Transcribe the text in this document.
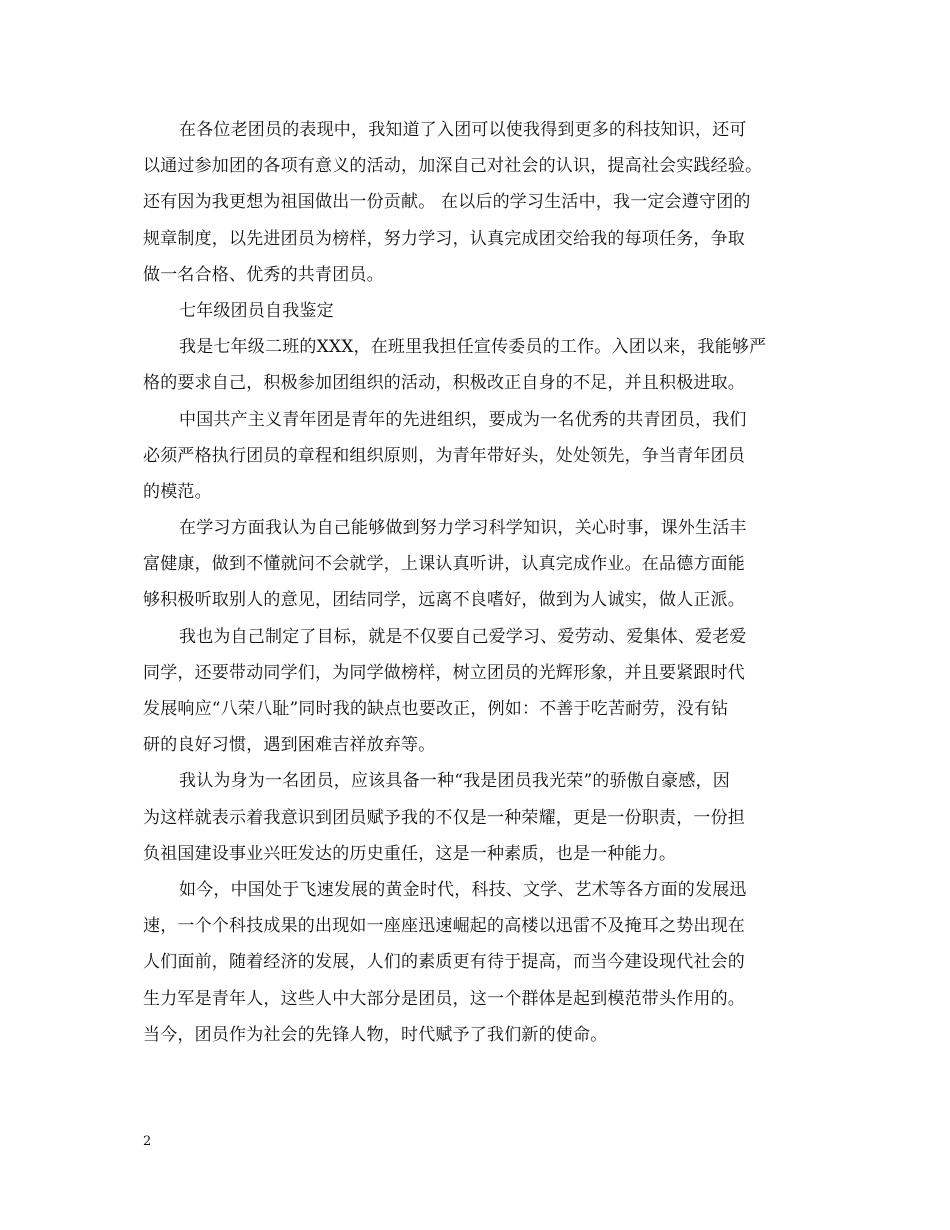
在各位老团员的表现中，我知道了入团可以使我得到更多的科技知识，还可
以通过参加团的各项有意义的活动，加深自己对社会的认识，提高社会实践经验。
还有因为我更想为祖国做出一份贡献。 在以后的学习生活中，我一定会遵守团的
规章制度，以先进团员为榜样，努力学习，认真完成团交给我的每项任务，争取
做一名合格、优秀的共青团员。

七年级团员自我鉴定

我是七年级二班的XXX，在班里我担任宣传委员的工作。入团以来，我能够严
格的要求自己，积极参加团组织的活动，积极改正自身的不足，并且积极进取。

中国共产主义青年团是青年的先进组织，要成为一名优秀的共青团员，我们
必须严格执行团员的章程和组织原则，为青年带好头，处处领先，争当青年团员
的模范。

在学习方面我认为自己能够做到努力学习科学知识，关心时事，课外生活丰
富健康，做到不懂就问不会就学，上课认真听讲，认真完成作业。在品德方面能
够积极听取别人的意见，团结同学，远离不良嗜好，做到为人诚实，做人正派。

我也为自己制定了目标，就是不仅要自己爱学习、爱劳动、爱集体、爱老爱
同学，还要带动同学们，为同学做榜样，树立团员的光辉形象，并且要紧跟时代
发展响应“八荣八耻”同时我的缺点也要改正，例如：不善于吃苦耐劳，没有钻
研的良好习惯，遇到困难吉祥放弃等。

我认为身为一名团员，应该具备一种“我是团员我光荣”的骄傲自豪感，因
为这样就表示着我意识到团员赋予我的不仅是一种荣耀，更是一份职责，一份担
负祖国建设事业兴旺发达的历史重任，这是一种素质，也是一种能力。

如今，中国处于飞速发展的黄金时代，科技、文学、艺术等各方面的发展迅
速，一个个科技成果的出现如一座座迅速崛起的高楼以迅雷不及掩耳之势出现在
人们面前，随着经济的发展，人们的素质更有待于提高，而当今建设现代社会的
生力军是青年人，这些人中大部分是团员，这一个群体是起到模范带头作用的。
当今，团员作为社会的先锋人物，时代赋予了我们新的使命。

2
